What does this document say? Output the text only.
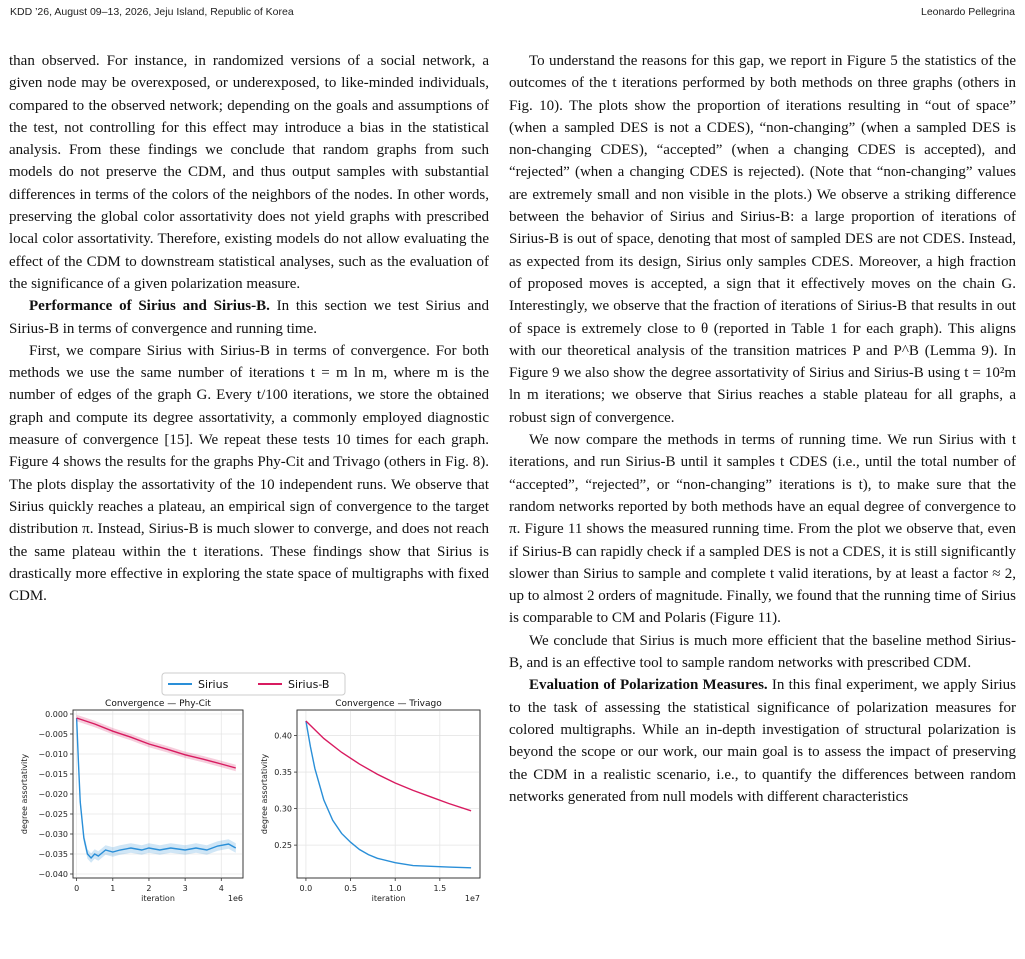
KDD ’26, August 09–13, 2026, Jeju Island, Republic of Korea	Leonardo Pellegrina

than observed. For instance, in randomized versions of a social network, a given node may be overexposed, or underexposed, to like-minded individuals, compared to the observed network; depending on the goals and assumptions of the test, not controlling for this effect may introduce a bias in the statistical analysis. From these findings we conclude that random graphs from such models do not preserve the CDM, and thus output samples with substantial differences in terms of the colors of the neighbors of the nodes. In other words, preserving the global color assortativity does not yield graphs with prescribed local color assortativity. Therefore, existing models do not allow evaluating the effect of the CDM to downstream statistical analyses, such as the evaluation of the significance of a given polarization measure.

Performance of Sirius and Sirius-B. In this section we test Sirius and Sirius-B in terms of convergence and running time.

First, we compare Sirius with Sirius-B in terms of convergence. For both methods we use the same number of iterations t = m ln m, where m is the number of edges of the graph G. Every t/100 iterations, we store the obtained graph and compute its degree assortativity, a commonly employed diagnostic measure of convergence [15]. We repeat these tests 10 times for each graph. Figure 4 shows the results for the graphs Phy-Cit and Trivago (others in Fig. 8). The plots display the assortativity of the 10 independent runs. We observe that Sirius quickly reaches a plateau, an empirical sign of convergence to the target distribution π. Instead, Sirius-B is much slower to converge, and does not reach the same plateau within the t iterations. These findings show that Sirius is drastically more effective in exploring the state space of multigraphs with fixed CDM.

To understand the reasons for this gap, we report in Figure 5 the statistics of the outcomes of the t iterations performed by both methods on three graphs (others in Fig. 10). The plots show the proportion of iterations resulting in “out of space” (when a sampled DES is not a CDES), “non-changing” (when a sampled DES is non-changing CDES), “accepted” (when a changing CDES is accepted), and “rejected” (when a changing CDES is rejected). (Note that “non-changing” values are extremely small and non visible in the plots.) We observe a striking difference between the behavior of Sirius and Sirius-B: a large proportion of iterations of Sirius-B is out of space, denoting that most of sampled DES are not CDES. Instead, as expected from its design, Sirius only samples CDES. Moreover, a high fraction of proposed moves is accepted, a sign that it effectively moves on the chain G. Interestingly, we observe that the fraction of iterations of Sirius-B that results in out of space is extremely close to θ (reported in Table 1 for each graph). This aligns with our theoretical analysis of the transition matrices P and P^B (Lemma 9). In Figure 9 we also show the degree assortativity of Sirius and Sirius-B using t = 10²m ln m iterations; we observe that Sirius reaches a stable plateau for all graphs, a robust sign of convergence.

We now compare the methods in terms of running time. We run Sirius with t iterations, and run Sirius-B until it samples t CDES (i.e., until the total number of “accepted”, “rejected”, or “non-changing” iterations is t), to make sure that the random networks reported by both methods have an equal degree of convergence to π. Figure 11 shows the measured running time. From the plot we observe that, even if Sirius-B can rapidly check if a sampled DES is not a CDES, it is still significantly slower than Sirius to sample and complete t valid iterations, by at least a factor ≈ 2, up to almost 2 orders of magnitude. Finally, we found that the running time of Sirius is comparable to CM and Polaris (Figure 11).

We conclude that Sirius is much more efficient that the baseline method Sirius-B, and is an effective tool to sample random networks with prescribed CDM.

Evaluation of Polarization Measures. In this final experiment, we apply Sirius to the task of assessing the statistical significance of polarization measures for colored multigraphs. While an in-depth investigation of structural polarization is beyond the scope or our work, our main goal is to assess the impact of preserving the CDM in a realistic scenario, i.e., to quantify the differences between random networks generated from null models with different characteristics

Sirius	Sirius-B
0.000
−0.005
−0.010
−0.015
−0.020
−0.025
−0.030
−0.035
−0.040
0	1	2	3	4
Convergence — Phy-Cit
iteration	1e6
degree assortativity
0.25
0.30
0.35
0.40
0.0	0.5	1.0	1.5
Convergence — Trivago
iteration	1e7
degree assortativity
